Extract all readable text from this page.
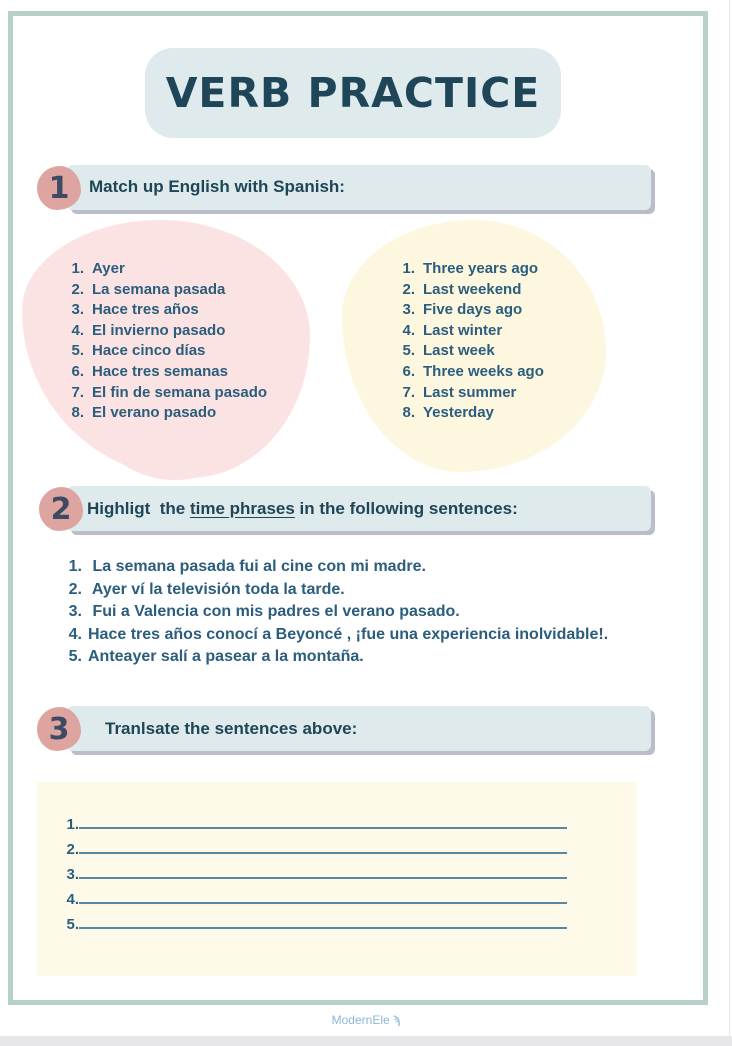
VERB PRACTICE
1 Match up English with Spanish:
1. Ayer
2. La semana pasada
3. Hace tres años
4. El invierno pasado
5. Hace cinco días
6. Hace tres semanas
7. El fin de semana pasado
8. El verano pasado
1. Three years ago
2. Last weekend
3. Five days ago
4. Last winter
5. Last week
6. Three weeks ago
7. Last summer
8. Yesterday
2 Highligt  the time phrases in the following sentences:
1. La semana pasada fui al cine con mi madre.
2. Ayer ví la televisión toda la tarde.
3. Fui a Valencia con mis padres el verano pasado.
4. Hace tres años conocí a Beyoncé , ¡fue una experiencia inolvidable!.
5. Anteayer salí a pasear a la montaña.
3 Tranlsate the sentences above:
1.
2.
3.
4.
5.
ModernEle ϡ
